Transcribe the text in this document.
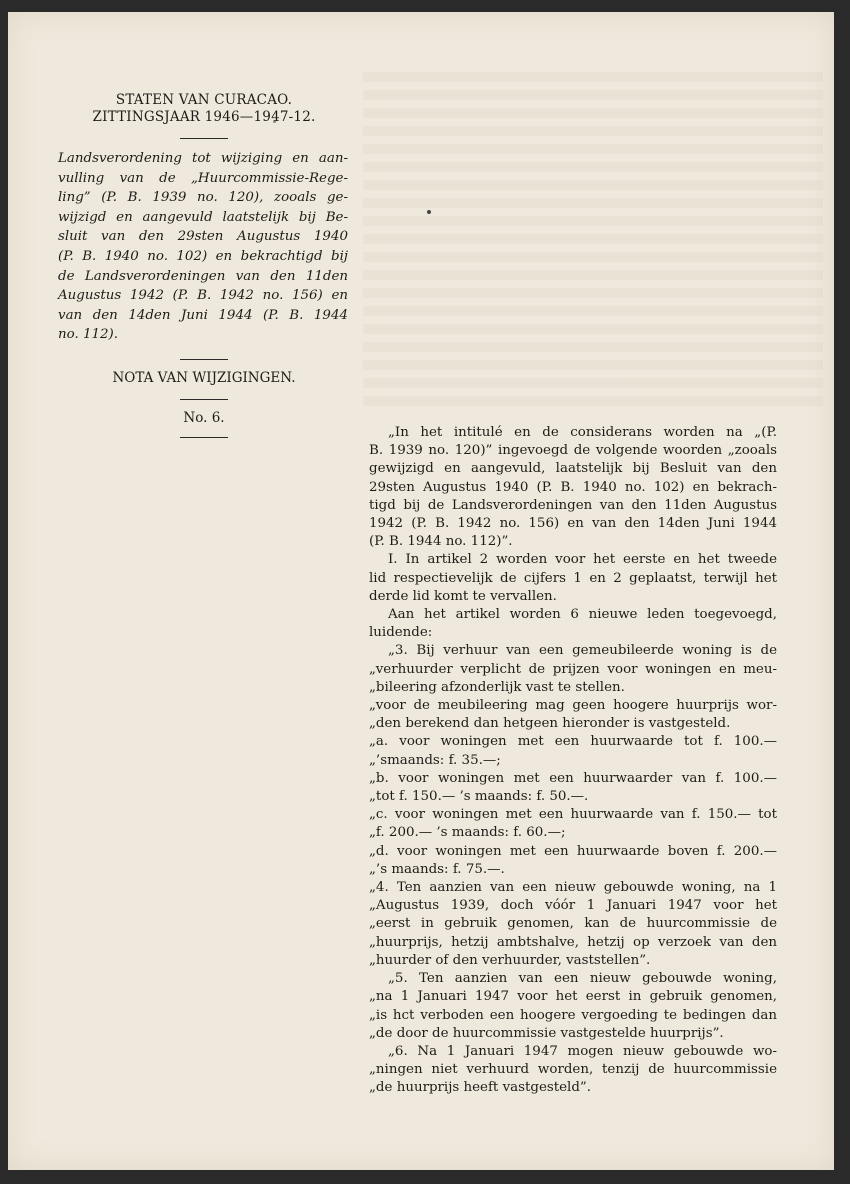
STATEN VAN CURACAO.
ZITTINGSJAAR 1946—1947-12.
Landsverordening tot wijziging en aan-
vulling van de „Huurcommissie-Rege-
ling” (P. B. 1939 no. 120), zooals ge-
wijzigd en aangevuld laatstelijk bij Be-
sluit van den 29sten Augustus 1940
(P. B. 1940 no. 102) en bekrachtigd bij
de Landsverordeningen van den 11den
Augustus 1942 (P. B. 1942 no. 156) en
van den 14den Juni 1944 (P. B. 1944
no. 112).
NOTA VAN WIJZIGINGEN.
No. 6.
„In het intitulé en de considerans worden na „(P.
B. 1939 no. 120)” ingevoegd de volgende woorden „zooals
gewijzigd en aangevuld, laatstelijk bij Besluit van den
29sten Augustus 1940 (P. B. 1940 no. 102) en bekrach-
tigd bij de Landsverordeningen van den 11den Augustus
1942 (P. B. 1942 no. 156) en van den 14den Juni 1944
(P. B. 1944 no. 112)”.
I. In artikel 2 worden voor het eerste en het tweede
lid respectievelijk de cijfers 1 en 2 geplaatst, terwijl het
derde lid komt te vervallen.
Aan het artikel worden 6 nieuwe leden toegevoegd,
luidende:
„3. Bij verhuur van een gemeubileerde woning is de
„verhuurder verplicht de prijzen voor woningen en meu-
„bileering afzonderlijk vast te stellen.
„voor de meubileering mag geen hoogere huurprijs wor-
„den berekend dan hetgeen hieronder is vastgesteld.
„a. voor woningen met een huurwaarde tot f. 100.—
„’smaands: f. 35.—;
„b. voor woningen met een huurwaarder van f. 100.—
„tot f. 150.— ’s maands: f. 50.—.
„c. voor woningen met een huurwaarde van f. 150.— tot
„f. 200.— ’s maands: f. 60.—;
„d. voor woningen met een huurwaarde boven f. 200.—
„’s maands: f. 75.—.
„4. Ten aanzien van een nieuw gebouwde woning, na 1
„Augustus 1939, doch vóór 1 Januari 1947 voor het
„eerst in gebruik genomen, kan de huurcommissie de
„huurprijs, hetzij ambtshalve, hetzij op verzoek van den
„huurder of den verhuurder, vaststellen”.
„5. Ten aanzien van een nieuw gebouwde woning,
„na 1 Januari 1947 voor het eerst in gebruik genomen,
„is hct verboden een hoogere vergoeding te bedingen dan
„de door de huurcommissie vastgestelde huurprijs”.
„6. Na 1 Januari 1947 mogen nieuw gebouwde wo-
„ningen niet verhuurd worden, tenzij de huurcommissie
„de huurprijs heeft vastgesteld”.
